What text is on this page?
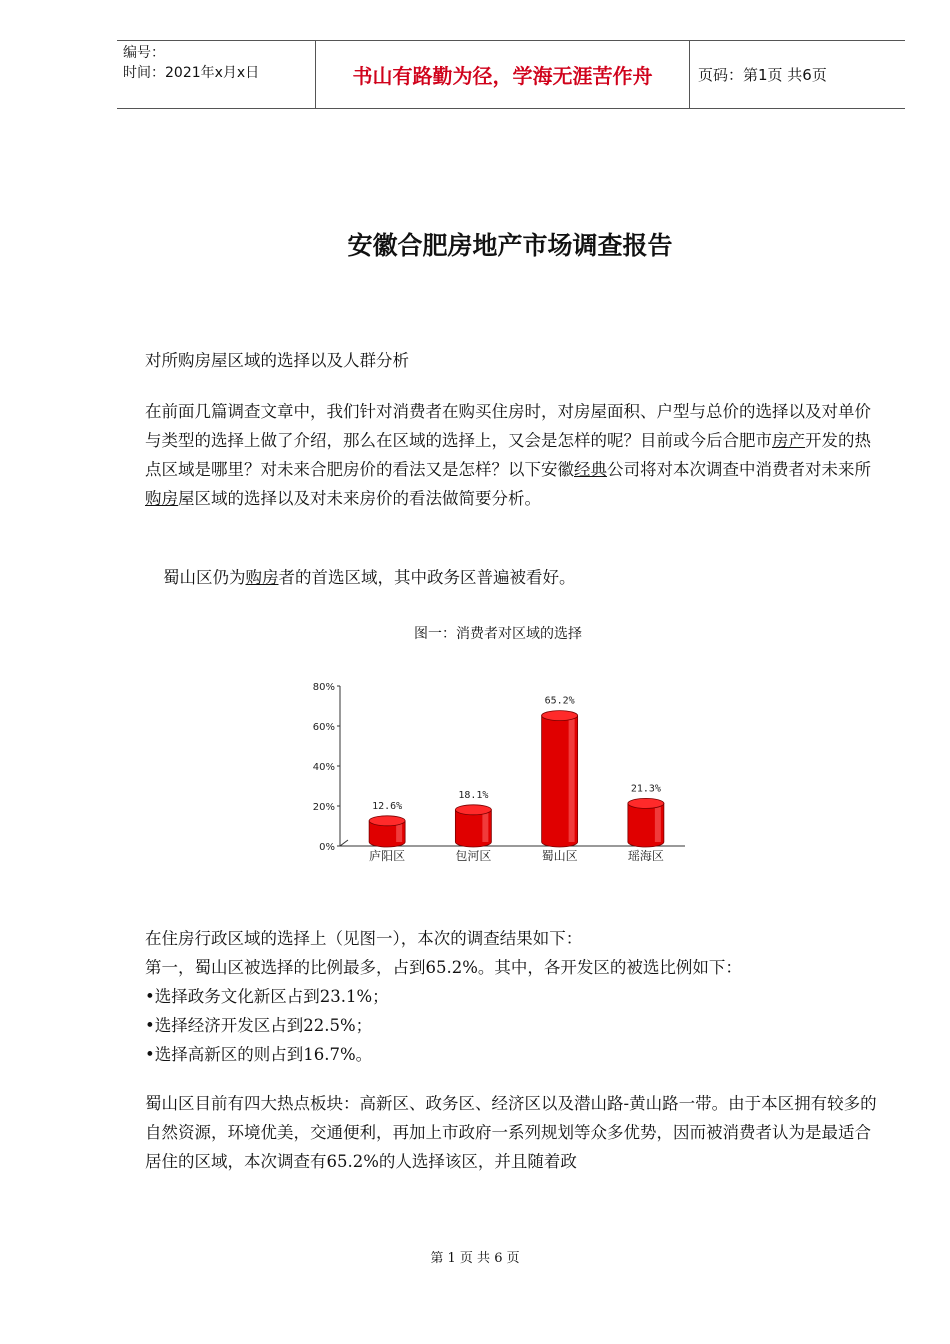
编号：
时间：2021年x月x日	书山有路勤为径，学海无涯苦作舟	页码：第1页 共6页
安徽合肥房地产市场调查报告

对所购房屋区域的选择以及人群分析

在前面几篇调查文章中，我们针对消费者在购买住房时，对房屋面积、户型与总价的选择以及对单价与类型的选择上做了介绍，那么在区域的选择上，又会是怎样的呢？目前或今后合肥市房产开发的热点区域是哪里？对未来合肥房价的看法又是怎样？以下安徽经典公司将对本次调查中消费者对未来所购房屋区域的选择以及对未来房价的看法做简要分析。

蜀山区仍为购房者的首选区域，其中政务区普遍被看好。

图一：消费者对区域的选择
0%
20%
40%
60%
80%
12.6%
庐阳区
18.1%
包河区
65.2%
蜀山区
21.3%
瑶海区

在住房行政区域的选择上（见图一），本次的调查结果如下：

第一，蜀山区被选择的比例最多，占到65.2%。其中，各开发区的被选比例如下：

•选择政务文化新区占到23.1%；

•选择经济开发区占到22.5%；

•选择高新区的则占到16.7%。

蜀山区目前有四大热点板块：高新区、政务区、经济区以及潜山路-黄山路一带。由于本区拥有较多的自然资源，环境优美，交通便利，再加上市政府一系列规划等众多优势，因而被消费者认为是最适合居住的区域，本次调查有65.2%的人选择该区，并且随着政

第 1 页 共 6 页
